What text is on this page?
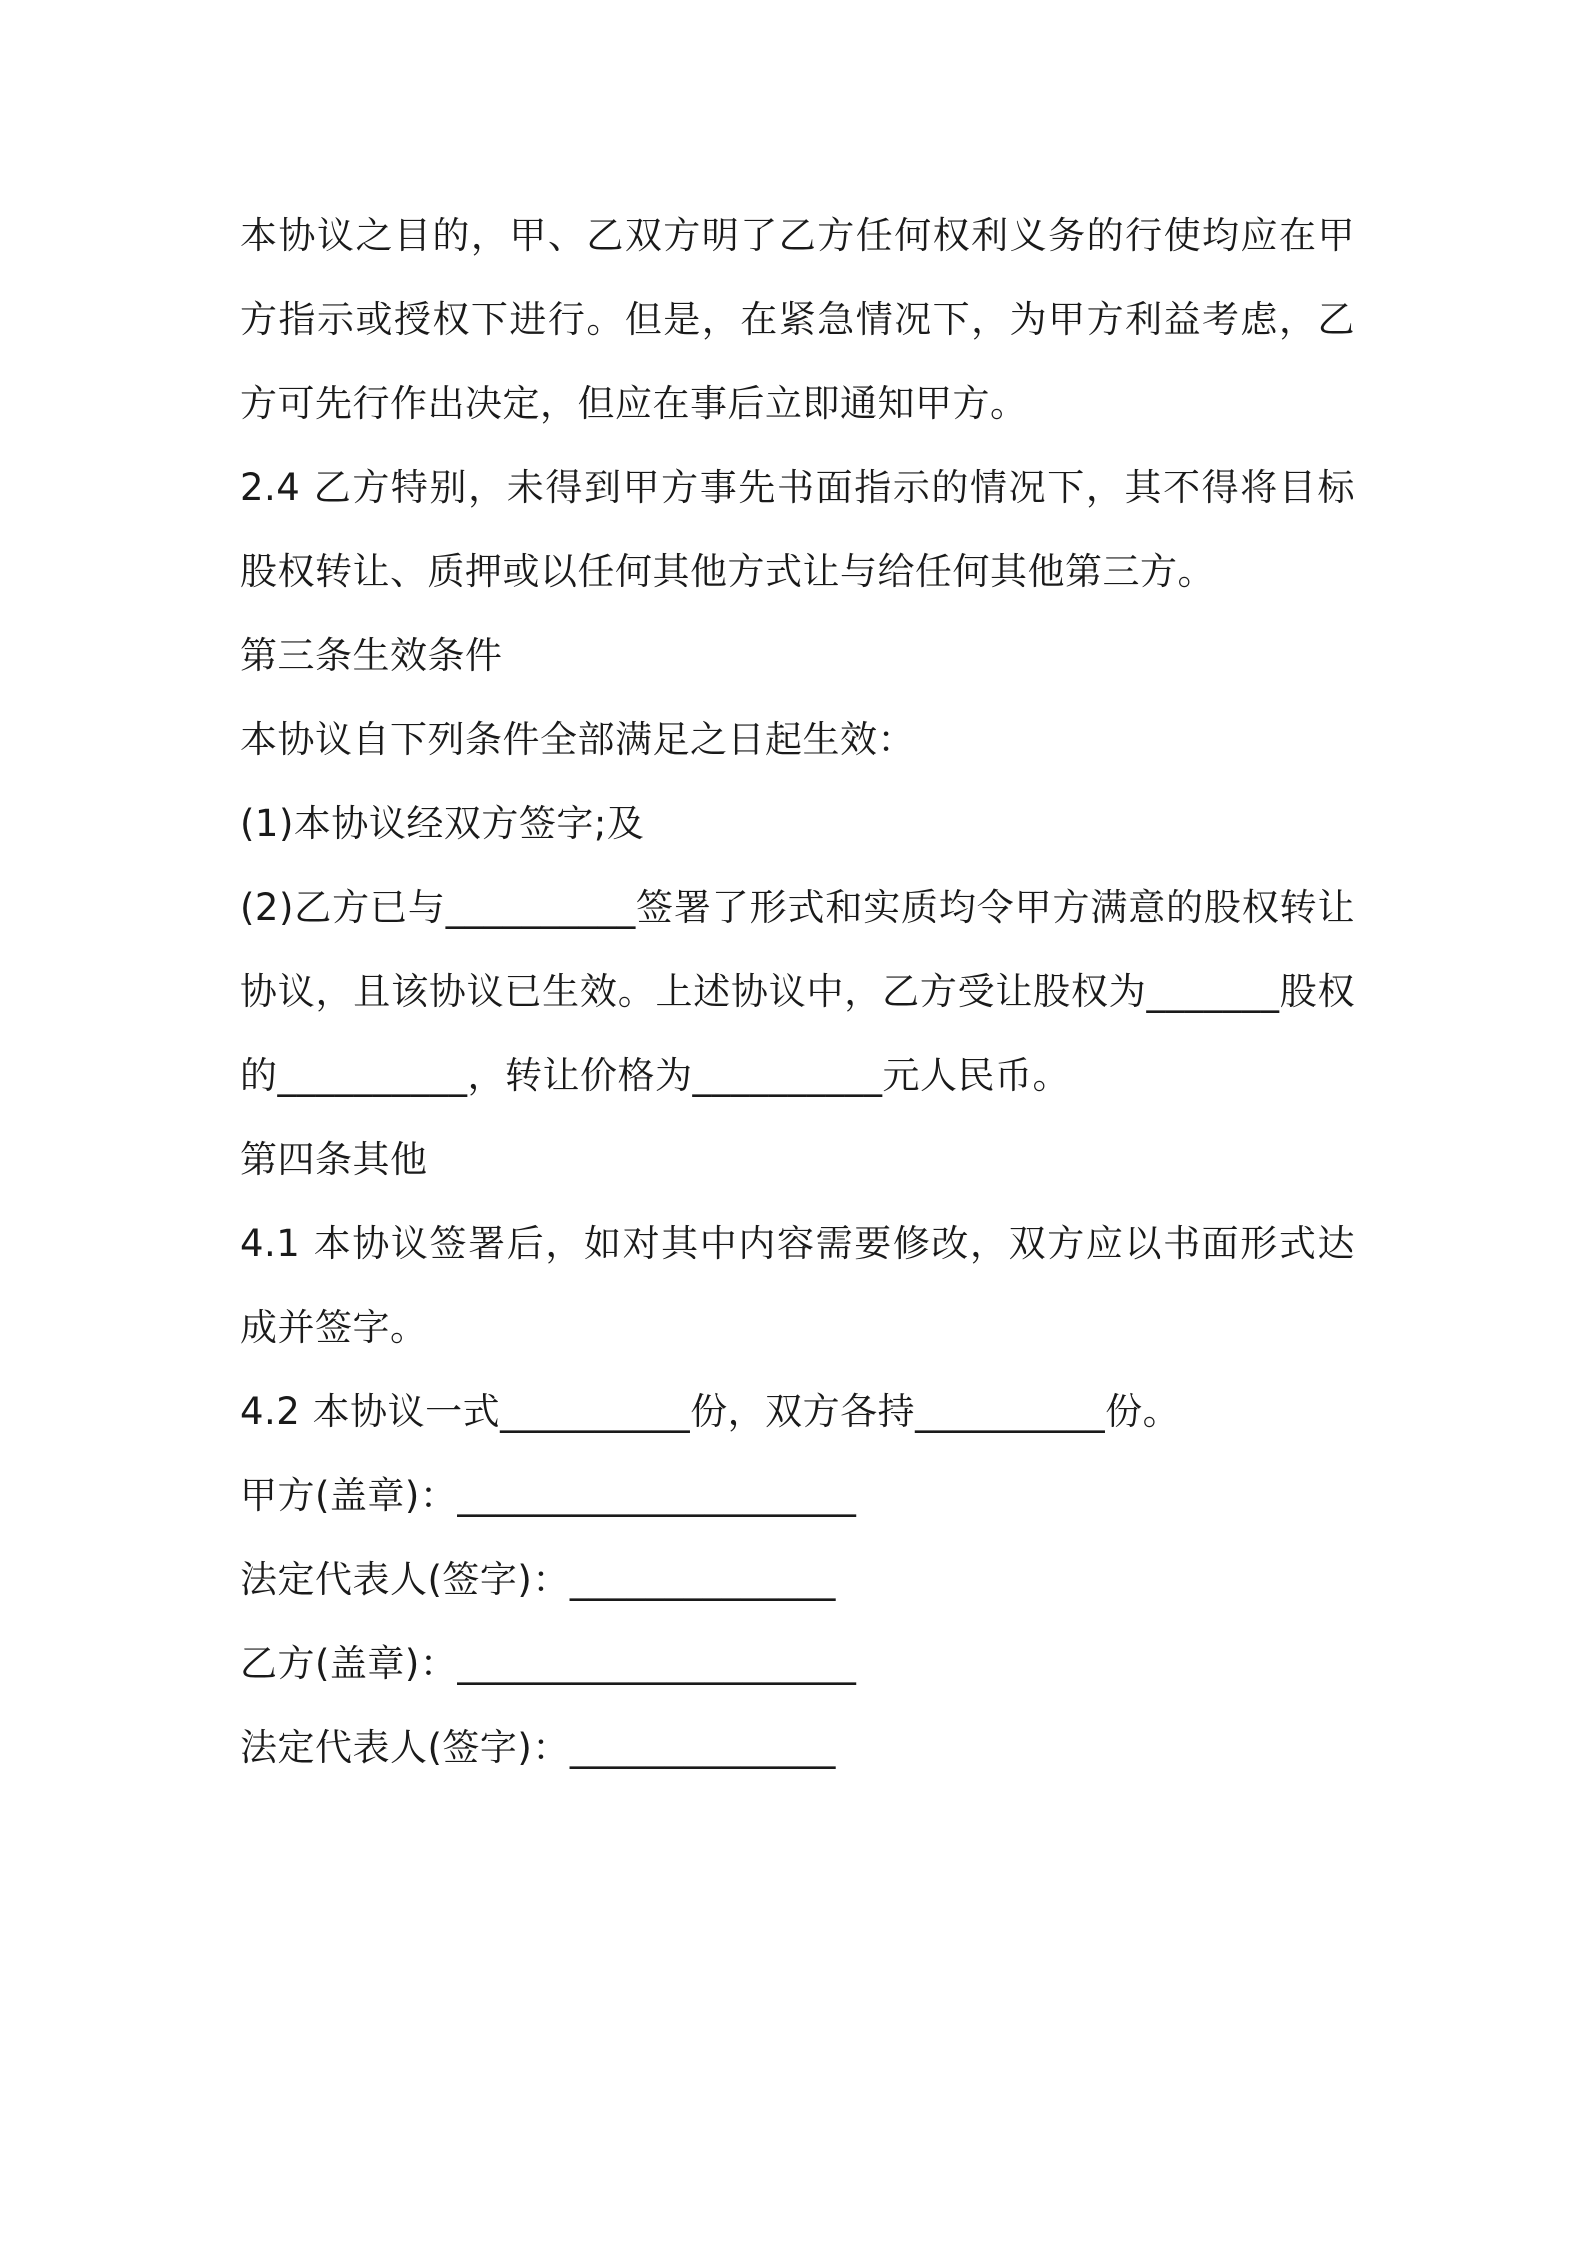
本协议之目的，甲、乙双方明了乙方任何权利义务的行使均应在甲方指示或授权下进行。但是，在紧急情况下，为甲方利益考虑，乙方可先行作出决定，但应在事后立即通知甲方。

2.4 乙方特别，未得到甲方事先书面指示的情况下，其不得将目标股权转让、质押或以任何其他方式让与给任何其他第三方。

第三条生效条件

本协议自下列条件全部满足之日起生效：

(1)本协议经双方签字;及

(2)乙方已与__________签署了形式和实质均令甲方满意的股权转让协议，且该协议已生效。上述协议中，乙方受让股权为_______股权的__________，转让价格为__________元人民币。

第四条其他

4.1 本协议签署后，如对其中内容需要修改，双方应以书面形式达成并签字。

4.2 本协议一式__________份，双方各持__________份。

甲方(盖章)：_____________________

法定代表人(签字)：______________

乙方(盖章)：_____________________

法定代表人(签字)：______________
